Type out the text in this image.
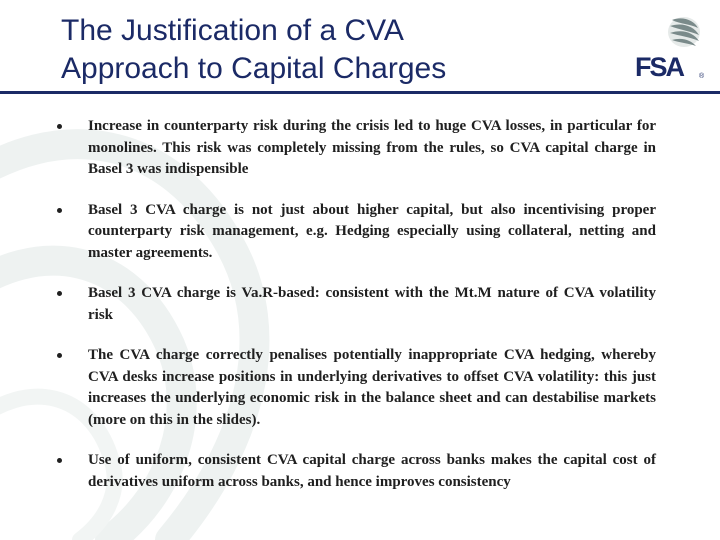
The Justification of a CVA
Approach to Capital Charges	FSA ®
Increase in counterparty risk during the crisis led to huge CVA losses, in particular for monolines. This risk was completely missing from the rules, so CVA capital charge in Basel 3 was indispensible
Basel 3 CVA charge is not just about higher capital, but also incentivising proper counterparty risk management, e.g. Hedging especially using collateral, netting and master agreements.
Basel 3 CVA charge is Va.R-based: consistent with the Mt.M nature of CVA volatility risk
The CVA charge correctly penalises potentially inappropriate CVA hedging, whereby CVA desks increase positions in underlying derivatives to offset CVA volatility: this just increases the underlying economic risk in the balance sheet and can destabilise markets (more on this in the slides).
Use of uniform, consistent CVA capital charge across banks makes the capital cost of derivatives uniform across banks, and hence improves consistency
